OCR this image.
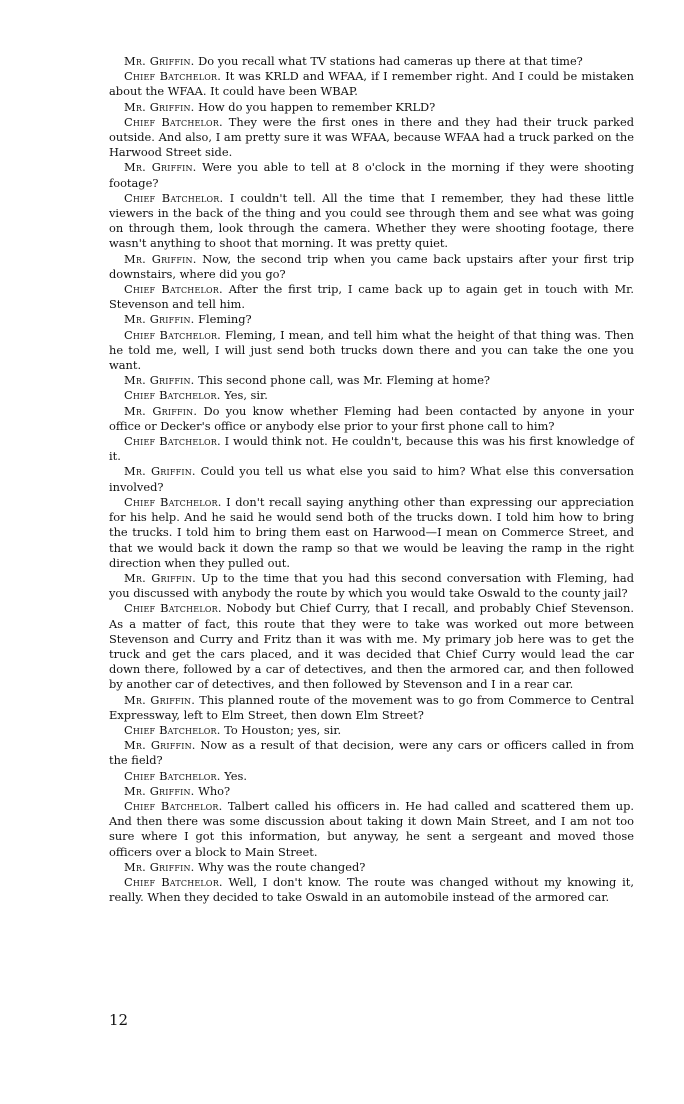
Mr. Griffin. Do you recall what TV stations had cameras up there at that time?

Chief Batchelor. It was KRLD and WFAA, if I remember right. And I could be mistaken about the WFAA. It could have been WBAP.

Mr. Griffin. How do you happen to remember KRLD?

Chief Batchelor. They were the first ones in there and they had their truck parked outside. And also, I am pretty sure it was WFAA, because WFAA had a truck parked on the Harwood Street side.

Mr. Griffin. Were you able to tell at 8 o'clock in the morning if they were shooting footage?

Chief Batchelor. I couldn't tell. All the time that I remember, they had these little viewers in the back of the thing and you could see through them and see what was going on through them, look through the camera. Whether they were shooting footage, there wasn't anything to shoot that morning. It was pretty quiet.

Mr. Griffin. Now, the second trip when you came back upstairs after your first trip downstairs, where did you go?

Chief Batchelor. After the first trip, I came back up to again get in touch with Mr. Stevenson and tell him.

Mr. Griffin. Fleming?

Chief Batchelor. Fleming, I mean, and tell him what the height of that thing was. Then he told me, well, I will just send both trucks down there and you can take the one you want.

Mr. Griffin. This second phone call, was Mr. Fleming at home?

Chief Batchelor. Yes, sir.

Mr. Griffin. Do you know whether Fleming had been contacted by anyone in your office or Decker's office or anybody else prior to your first phone call to him?

Chief Batchelor. I would think not. He couldn't, because this was his first knowledge of it.

Mr. Griffin. Could you tell us what else you said to him? What else this conversation involved?

Chief Batchelor. I don't recall saying anything other than expressing our appreciation for his help. And he said he would send both of the trucks down. I told him how to bring the trucks. I told him to bring them east on Harwood—I mean on Commerce Street, and that we would back it down the ramp so that we would be leaving the ramp in the right direction when they pulled out.

Mr. Griffin. Up to the time that you had this second conversation with Fleming, had you discussed with anybody the route by which you would take Oswald to the county jail?

Chief Batchelor. Nobody but Chief Curry, that I recall, and probably Chief Stevenson. As a matter of fact, this route that they were to take was worked out more between Stevenson and Curry and Fritz than it was with me. My primary job here was to get the truck and get the cars placed, and it was decided that Chief Curry would lead the car down there, followed by a car of detectives, and then the armored car, and then followed by another car of detectives, and then followed by Stevenson and I in a rear car.

Mr. Griffin. This planned route of the movement was to go from Commerce to Central Expressway, left to Elm Street, then down Elm Street?

Chief Batchelor. To Houston; yes, sir.

Mr. Griffin. Now as a result of that decision, were any cars or officers called in from the field?

Chief Batchelor. Yes.

Mr. Griffin. Who?

Chief Batchelor. Talbert called his officers in. He had called and scattered them up. And then there was some discussion about taking it down Main Street, and I am not too sure where I got this information, but anyway, he sent a sergeant and moved those officers over a block to Main Street.

Mr. Griffin. Why was the route changed?

Chief Batchelor. Well, I don't know. The route was changed without my knowing it, really. When they decided to take Oswald in an automobile instead of the armored car.

12
